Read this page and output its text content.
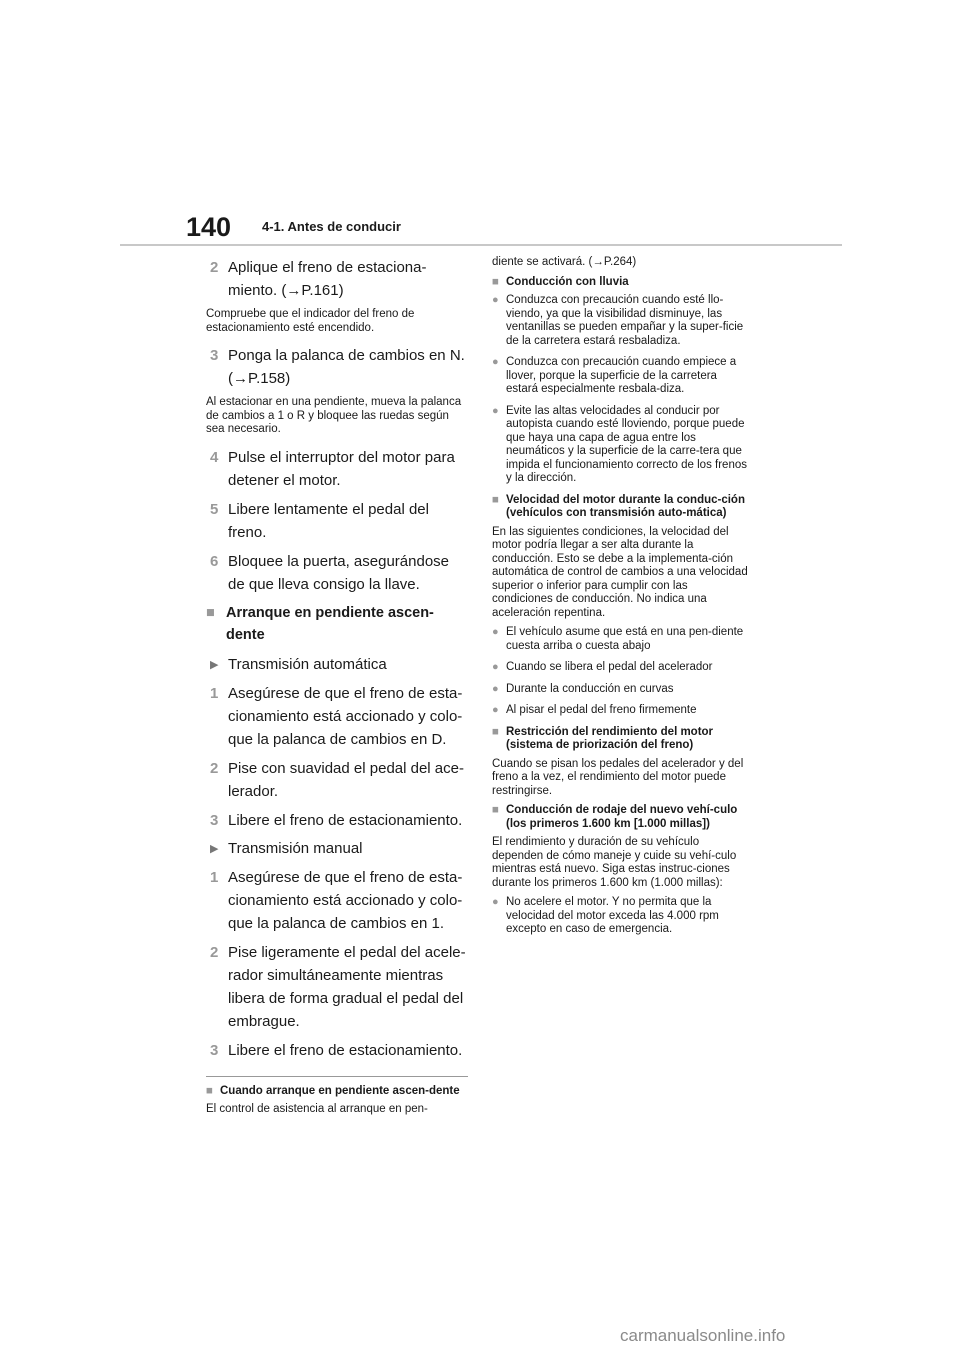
140 4-1. Antes de conducir
2 Aplique el freno de estaciona-miento. (→P.161)
Compruebe que el indicador del freno de estacionamiento esté encendido.
3 Ponga la palanca de cambios en N. (→P.158)
Al estacionar en una pendiente, mueva la palanca de cambios a 1 o R y bloquee las ruedas según sea necesario.
4 Pulse el interruptor del motor para detener el motor.
5 Libere lentamente el pedal del freno.
6 Bloquee la puerta, asegurándose de que lleva consigo la llave.
■ Arranque en pendiente ascen-dente
▶ Transmisión automática
1 Asegúrese de que el freno de esta-cionamiento está accionado y colo-que la palanca de cambios en D.
2 Pise con suavidad el pedal del ace-lerador.
3 Libere el freno de estacionamiento.
▶ Transmisión manual
1 Asegúrese de que el freno de esta-cionamiento está accionado y colo-que la palanca de cambios en 1.
2 Pise ligeramente el pedal del acele-rador simultáneamente mientras libera de forma gradual el pedal del embrague.
3 Libere el freno de estacionamiento.
■ Cuando arranque en pendiente ascen-dente
El control de asistencia al arranque en pen-
diente se activará. (→P.264)
■ Conducción con lluvia
● Conduzca con precaución cuando esté llo-viendo, ya que la visibilidad disminuye, las ventanillas se pueden empañar y la super-ficie de la carretera estará resbaladiza.
● Conduzca con precaución cuando empiece a llover, porque la superficie de la carretera estará especialmente resbala-diza.
● Evite las altas velocidades al conducir por autopista cuando esté lloviendo, porque puede que haya una capa de agua entre los neumáticos y la superficie de la carre-tera que impida el funcionamiento correcto de los frenos y la dirección.
■ Velocidad del motor durante la conduc-ción (vehículos con transmisión auto-mática)
En las siguientes condiciones, la velocidad del motor podría llegar a ser alta durante la conducción. Esto se debe a la implementa-ción automática de control de cambios a una velocidad superior o inferior para cumplir con las condiciones de conducción. No indica una aceleración repentina.
● El vehículo asume que está en una pen-diente cuesta arriba o cuesta abajo
● Cuando se libera el pedal del acelerador
● Durante la conducción en curvas
● Al pisar el pedal del freno firmemente
■ Restricción del rendimiento del motor (sistema de priorización del freno)
Cuando se pisan los pedales del acelerador y del freno a la vez, el rendimiento del motor puede restringirse.
■ Conducción de rodaje del nuevo vehí-culo (los primeros 1.600 km [1.000 millas])
El rendimiento y duración de su vehículo dependen de cómo maneje y cuide su vehí-culo mientras está nuevo. Siga estas instruc-ciones durante los primeros 1.600 km (1.000 millas):
● No acelere el motor. Y no permita que la velocidad del motor exceda las 4.000 rpm excepto en caso de emergencia.
carmanualsonline.info
